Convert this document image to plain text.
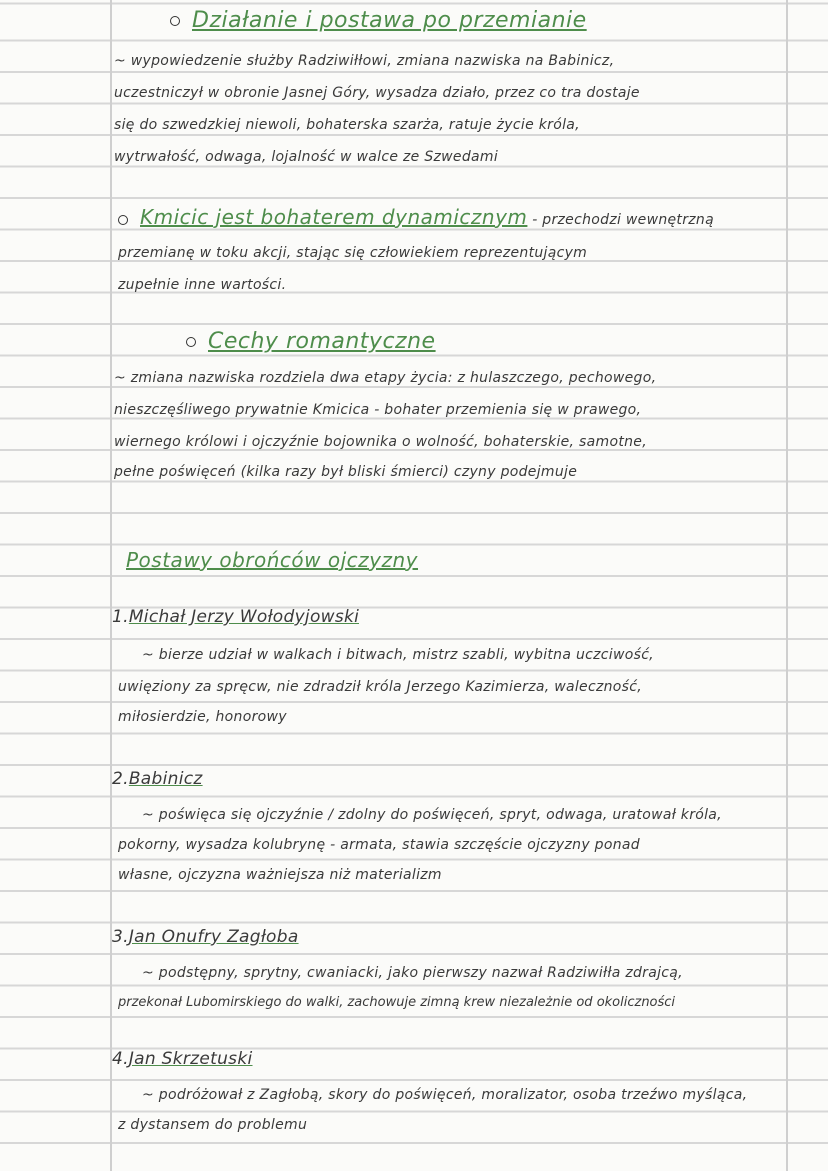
Działanie i postawa po przemianie
~ wypowiedzenie służby Radziwiłłowi, zmiana nazwiska na Babinicz,
uczestniczył w obronie Jasnej Góry, wysadza działo, przez co tra dostaje
się do szwedzkiej niewoli, bohaterska szarża, ratuje życie króla,
wytrwałość, odwaga, lojalność w walce ze Szwedami
Kmicic jest bohaterem dynamicznym - przechodzi wewnętrzną
przemianę w toku akcji, stając się człowiekiem reprezentującym
zupełnie inne wartości.
Cechy romantyczne
~ zmiana nazwiska rozdziela dwa etapy życia: z hulaszczego, pechowego,
nieszczęśliwego prywatnie Kmicica - bohater przemienia się w prawego,
wiernego królowi i ojczyźnie bojownika o wolność, bohaterskie, samotne,
pełne poświęceń (kilka razy był bliski śmierci) czyny podejmuje
Postawy obrońców ojczyzny
1.Michał Jerzy Wołodyjowski
~ bierze udział w walkach i bitwach, mistrz szabli, wybitna uczciwość,
uwięziony za spręcw, nie zdradził króla Jerzego Kazimierza, waleczność,
miłosierdzie, honorowy
2.Babinicz
~ poświęca się ojczyźnie / zdolny do poświęceń, spryt, odwaga, uratował króla,
pokorny, wysadza kolubrynę - armata, stawia szczęście ojczyzny ponad
własne, ojczyzna ważniejsza niż materializm
3.Jan Onufry Zagłoba
~ podstępny, sprytny, cwaniacki, jako pierwszy nazwał Radziwiłła zdrajcą,
przekonał Lubomirskiego do walki, zachowuje zimną krew niezależnie od okoliczności
4.Jan Skrzetuski
~ podróżował z Zagłobą, skory do poświęceń, moralizator, osoba trzeźwo myśląca,
z dystansem do problemu
